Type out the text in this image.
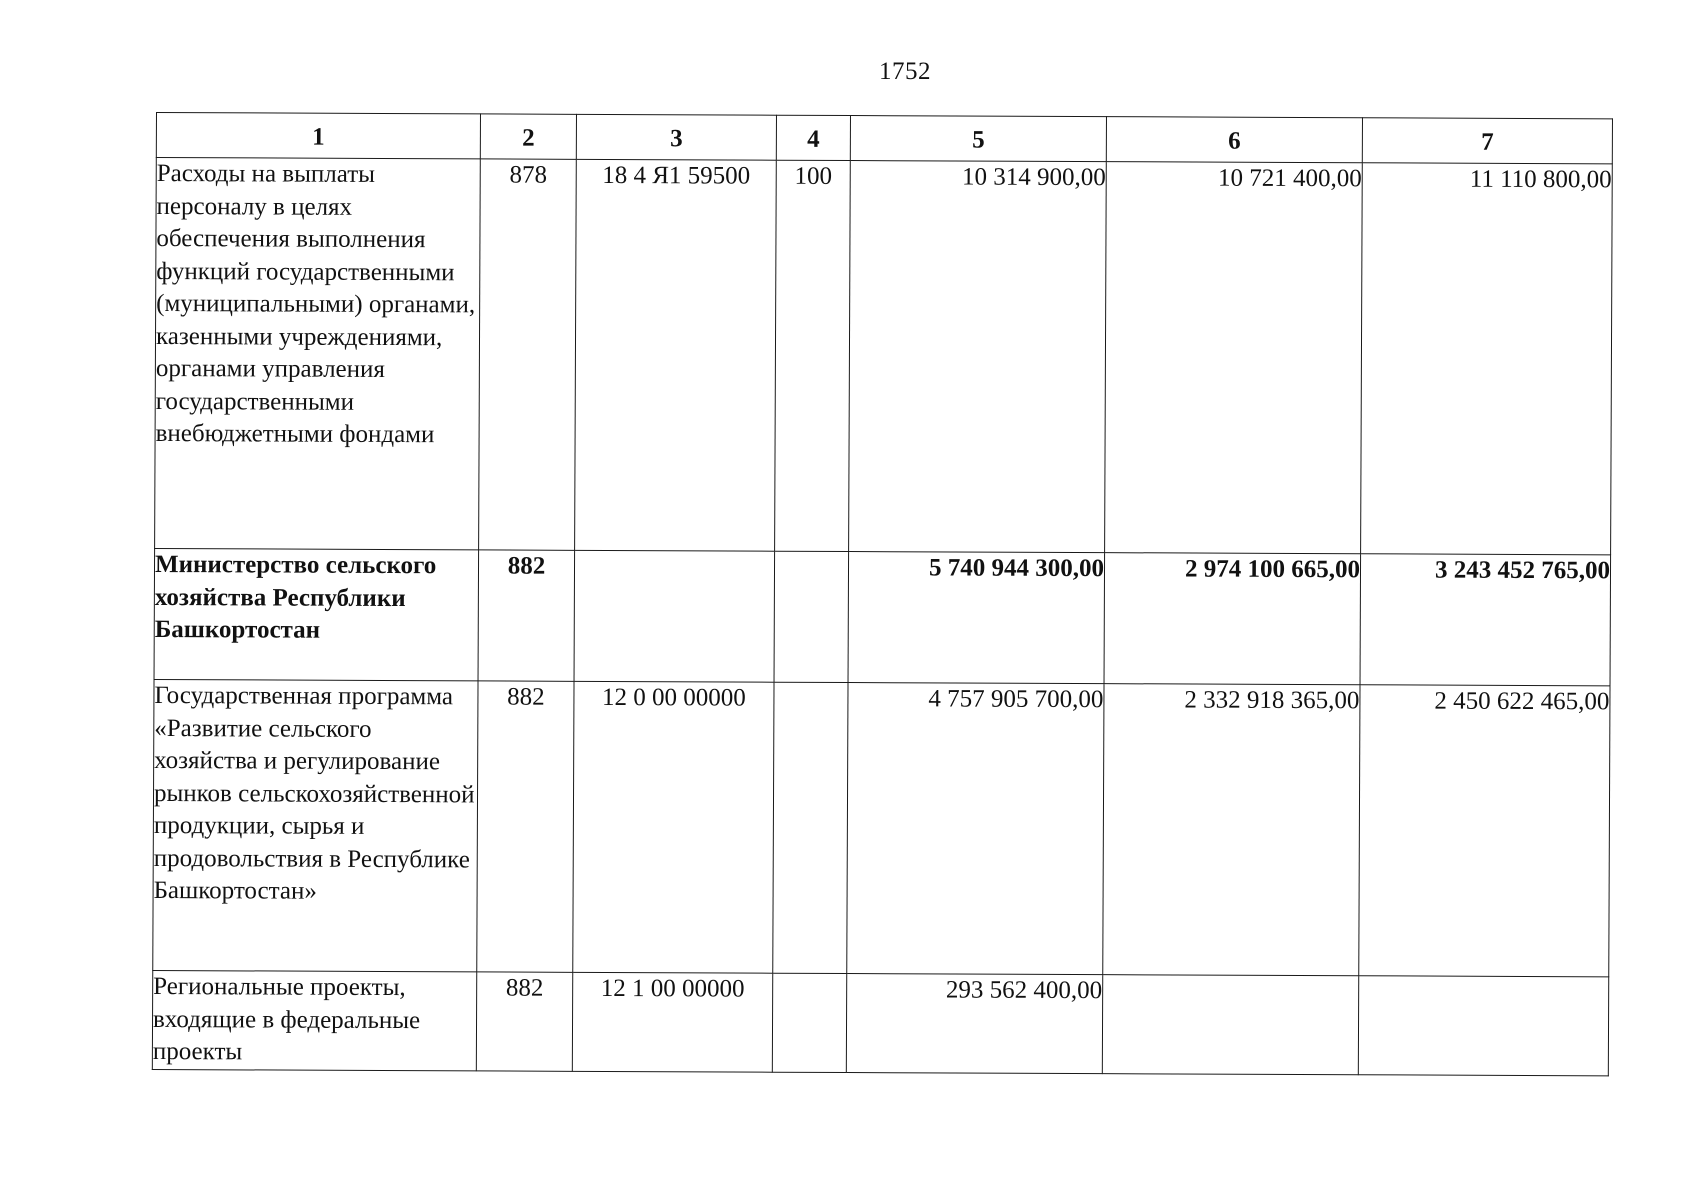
1752
1	2	3	4	5	6	7
Расходы на выплаты персоналу в целях обеспечения выполнения функций государственными (муниципальными) органами, казенными учреждениями, органами управления государственными внебюджетными фондами	878	18 4 Я1 59500	100	10 314 900,00	10 721 400,00	11 110 800,00
Министерство сельского хозяйства Республики Башкортостан	882			5 740 944 300,00	2 974 100 665,00	3 243 452 765,00
Государственная программа «Развитие сельского хозяйства и регулирование рынков сельскохозяйственной продукции, сырья и продовольствия в Республике Башкортостан»	882	12 0 00 00000		4 757 905 700,00	2 332 918 365,00	2 450 622 465,00
Региональные проекты, входящие в федеральные проекты	882	12 1 00 00000		293 562 400,00		
